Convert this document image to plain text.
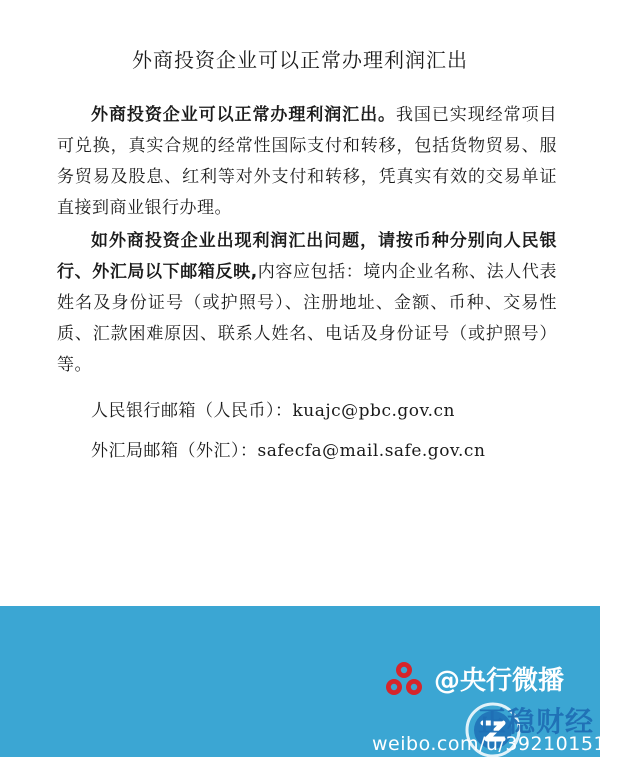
外商投资企业可以正常办理利润汇出

外商投资企业可以正常办理利润汇出。我国已实现经常项目可兑换，真实合规的经常性国际支付和转移，包括货物贸易、服务贸易及股息、红利等对外支付和转移，凭真实有效的交易单证直接到商业银行办理。

如外商投资企业出现利润汇出问题，请按币种分别向人民银行、外汇局以下邮箱反映,内容应包括：境内企业名称、法人代表姓名及身份证号（或护照号）、注册地址、金额、币种、交易性质、汇款困难原因、联系人姓名、电话及身份证号（或护照号）等。

人民银行邮箱（人民币）：kuajc@pbc.gov.cn
外汇局邮箱（外汇）：safecfa@mail.safe.gov.cn
@央行微播
正稳财经
weibo.com/u/3921015143
